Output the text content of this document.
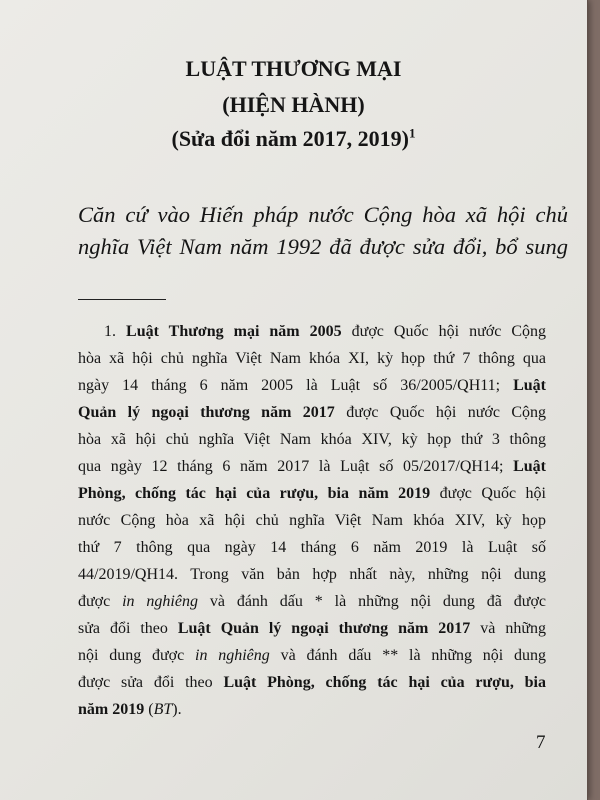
LUẬT THƯƠNG MẠI
(HIỆN HÀNH)
(Sửa đổi năm 2017, 2019)$^1$
Căn cứ vào Hiến pháp nước Cộng hòa xã hội chủ
nghĩa Việt Nam năm 1992 đã được sửa đổi, bổ sung
1. Luật Thương mại năm 2005 được Quốc hội nước Cộng
hòa xã hội chủ nghĩa Việt Nam khóa XI, kỳ họp thứ 7 thông qua
ngày 14 tháng 6 năm 2005 là Luật số 36/2005/QH11; Luật
Quản lý ngoại thương năm 2017 được Quốc hội nước Cộng
hòa xã hội chủ nghĩa Việt Nam khóa XIV, kỳ họp thứ 3 thông
qua ngày 12 tháng 6 năm 2017 là Luật số 05/2017/QH14; Luật
Phòng, chống tác hại của rượu, bia năm 2019 được Quốc hội
nước Cộng hòa xã hội chủ nghĩa Việt Nam khóa XIV, kỳ họp
thứ 7 thông qua ngày 14 tháng 6 năm 2019 là Luật số
44/2019/QH14. Trong văn bản hợp nhất này, những nội dung
được in nghiêng và đánh dấu * là những nội dung đã được
sửa đổi theo Luật Quản lý ngoại thương năm 2017 và những
nội dung được in nghiêng và đánh dấu ** là những nội dung
được sửa đổi theo Luật Phòng, chống tác hại của rượu, bia
năm 2019 (BT).
7
